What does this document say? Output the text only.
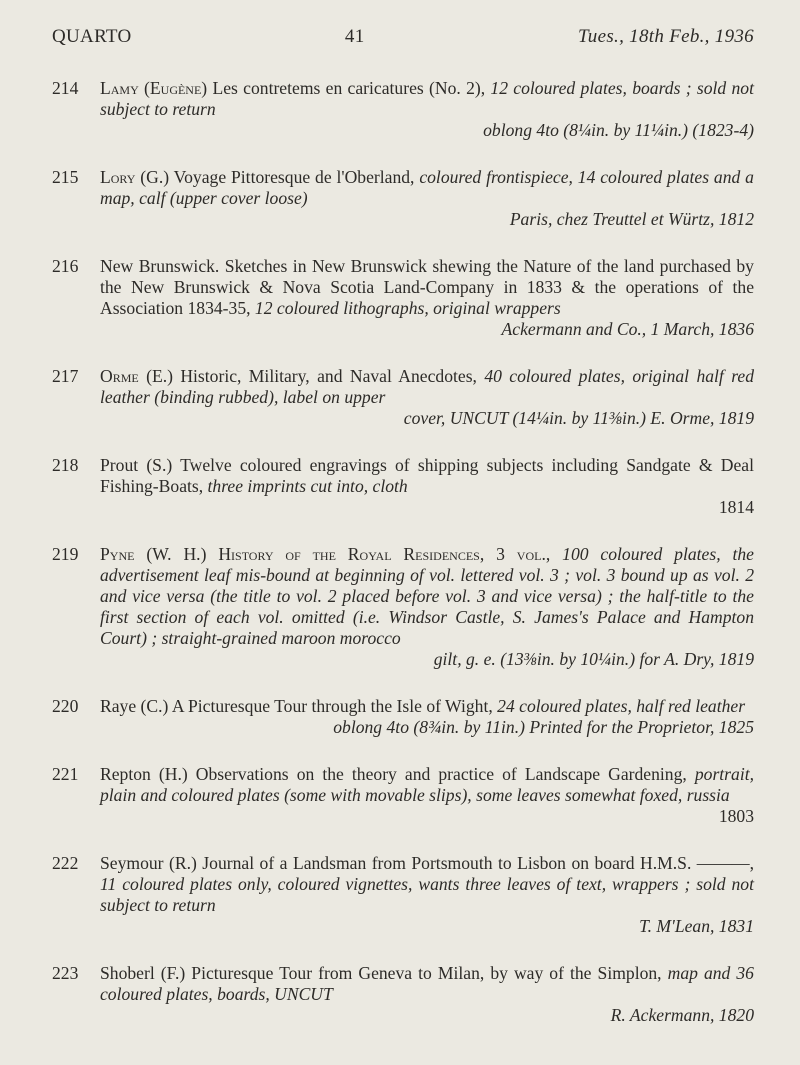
QUARTO	41	Tues., 18th Feb., 1936
214	Lamy (Eugène) Les contretems en caricatures (No. 2), 12 coloured plates, boards ; sold not subject to return
oblong 4to (8¼in. by 11¼in.) (1823-4)
215	Lory (G.) Voyage Pittoresque de l'Oberland, coloured frontispiece, 14 coloured plates and a map, calf (upper cover loose)
Paris, chez Treuttel et Würtz, 1812
216	New Brunswick. Sketches in New Brunswick shewing the Nature of the land purchased by the New Brunswick & Nova Scotia Land-Company in 1833 & the operations of the Association 1834-35, 12 coloured lithographs, original wrappers
Ackermann and Co., 1 March, 1836
217	Orme (E.) Historic, Military, and Naval Anecdotes, 40 coloured plates, original half red leather (binding rubbed), label on upper
cover, UNCUT (14¼in. by 11⅜in.) E. Orme, 1819
218	Prout (S.) Twelve coloured engravings of shipping subjects including Sandgate & Deal Fishing-Boats, three imprints cut into, cloth
1814
219	Pyne (W. H.) History of the Royal Residences, 3 vol., 100 coloured plates, the advertisement leaf mis-bound at beginning of vol. lettered vol. 3 ; vol. 3 bound up as vol. 2 and vice versa (the title to vol. 2 placed before vol. 3 and vice versa) ; the half-title to the first section of each vol. omitted (i.e. Windsor Castle, S. James's Palace and Hampton Court) ; straight-grained maroon morocco
gilt, g. e. (13⅜in. by 10¼in.) for A. Dry, 1819
220	Raye (C.) A Picturesque Tour through the Isle of Wight, 24 coloured plates, half red leather
oblong 4to (8¾in. by 11in.) Printed for the Proprietor, 1825
221	Repton (H.) Observations on the theory and practice of Landscape Gardening, portrait, plain and coloured plates (some with movable slips), some leaves somewhat foxed, russia
1803
222	Seymour (R.) Journal of a Landsman from Portsmouth to Lisbon on board H.M.S. ———, 11 coloured plates only, coloured vignettes, wants three leaves of text, wrappers ; sold not subject to return
T. M'Lean, 1831
223	Shoberl (F.) Picturesque Tour from Geneva to Milan, by way of the Simplon, map and 36 coloured plates, boards, UNCUT
R. Ackermann, 1820
